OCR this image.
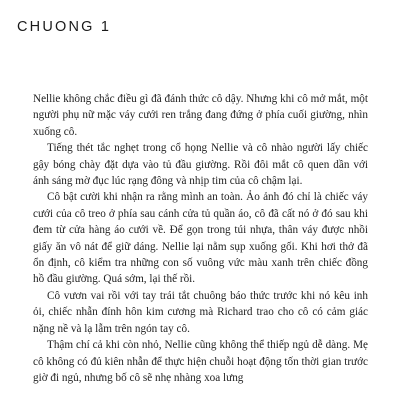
CHUONG 1

Nellie không chắc điều gì đã đánh thức cô dậy. Nhưng khi cô mở mắt, một người phụ nữ mặc váy cưới ren trắng đang đứng ở phía cuối giường, nhìn xuống cô.

Tiếng thét tắc nghẹt trong cổ họng Nellie và cô nhào người lấy chiếc gậy bóng chày đặt dựa vào tủ đầu giường. Rồi đôi mắt cô quen dần với ánh sáng mờ đục lúc rạng đông và nhịp tim của cô chậm lại.

Cô bật cười khi nhận ra rằng mình an toàn. Ảo ảnh đó chỉ là chiếc váy cưới của cô treo ở phía sau cánh cửa tủ quần áo, cô đã cất nó ở đó sau khi đem từ cửa hàng áo cưới về. Để gọn trong túi nhựa, thân váy được nhồi giấy ăn vô nát để giữ dáng. Nellie lại nằm sụp xuống gối. Khi hơi thở đã ổn định, cô kiểm tra những con số vuông vức màu xanh trên chiếc đồng hồ đầu giường. Quá sớm, lại thế rồi.

Cô vươn vai rồi với tay trái tắt chuông báo thức trước khi nó kêu inh ỏi, chiếc nhẫn đính hôn kim cương mà Richard trao cho cô có cảm giác nặng nề và lạ lẫm trên ngón tay cô.

Thậm chí cả khi còn nhỏ, Nellie cũng không thể thiếp ngủ dễ dàng. Mẹ cô không có đủ kiên nhẫn để thực hiện chuỗi hoạt động tốn thời gian trước giờ đi ngủ, nhưng bố cô sẽ nhẹ nhàng xoa lưng
